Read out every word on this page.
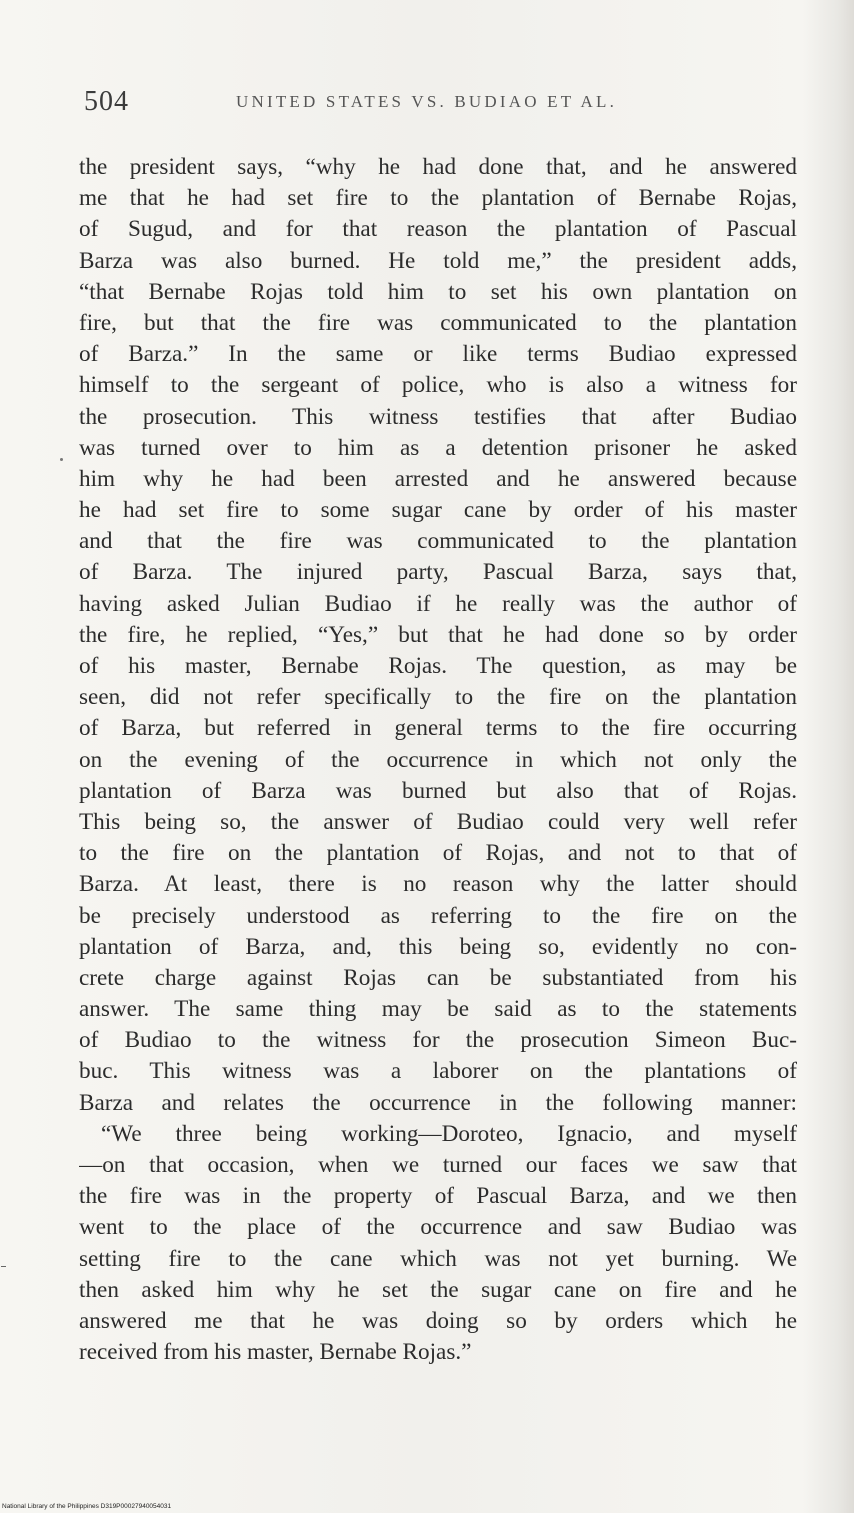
504	UNITED STATES VS. BUDIAO ET AL.
the president says, “why he had done that, and he answered
me that he had set fire to the plantation of Bernabe Rojas,
of Sugud, and for that reason the plantation of Pascual
Barza was also burned. He told me,” the president adds,
“that Bernabe Rojas told him to set his own plantation on
fire, but that the fire was communicated to the plantation
of Barza.” In the same or like terms Budiao expressed
himself to the sergeant of police, who is also a witness for
the prosecution. This witness testifies that after Budiao
was turned over to him as a detention prisoner he asked
him why he had been arrested and he answered because
he had set fire to some sugar cane by order of his master
and that the fire was communicated to the plantation
of Barza. The injured party, Pascual Barza, says that,
having asked Julian Budiao if he really was the author of
the fire, he replied, “Yes,” but that he had done so by order
of his master, Bernabe Rojas. The question, as may be
seen, did not refer specifically to the fire on the plantation
of Barza, but referred in general terms to the fire occurring
on the evening of the occurrence in which not only the
plantation of Barza was burned but also that of Rojas.
This being so, the answer of Budiao could very well refer
to the fire on the plantation of Rojas, and not to that of
Barza. At least, there is no reason why the latter should
be precisely understood as referring to the fire on the
plantation of Barza, and, this being so, evidently no con-
crete charge against Rojas can be substantiated from his
answer. The same thing may be said as to the statements
of Budiao to the witness for the prosecution Simeon Buc-
buc. This witness was a laborer on the plantations of
Barza and relates the occurrence in the following manner:
“We three being working—Doroteo, Ignacio, and myself
—on that occasion, when we turned our faces we saw that
the fire was in the property of Pascual Barza, and we then
went to the place of the occurrence and saw Budiao was
setting fire to the cane which was not yet burning. We
then asked him why he set the sugar cane on fire and he
answered me that he was doing so by orders which he
received from his master, Bernabe Rojas.”
National Library of the Philippines D319P00027940054031
